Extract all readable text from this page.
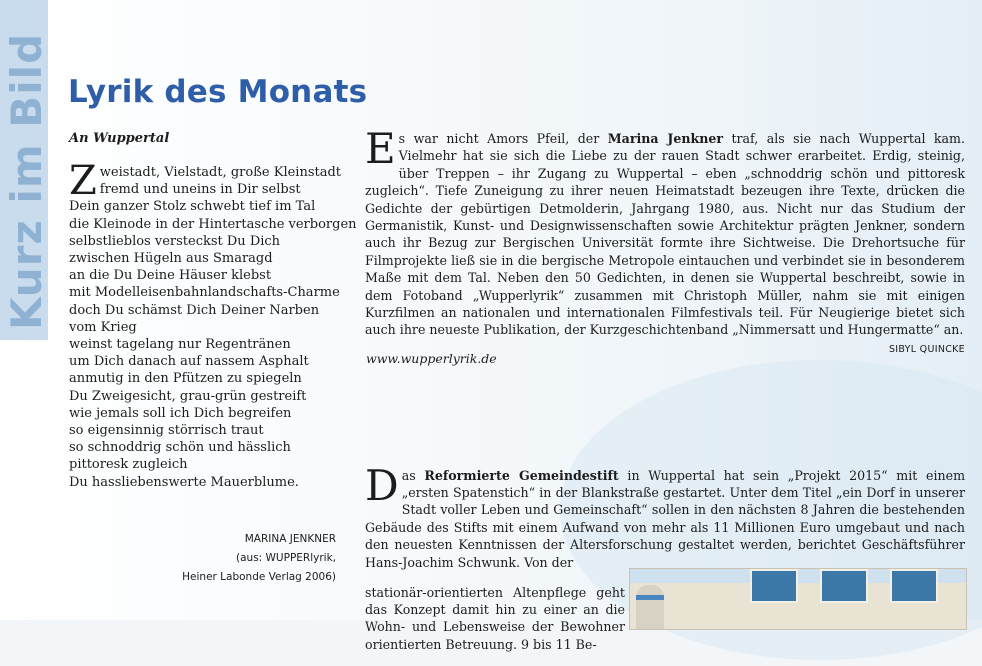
Kurz im Bild Lyrik des Monats
An Wuppertal
Zweistadt, Vielstadt, große Kleinstadt
fremd und uneins in Dir selbst
Dein ganzer Stolz schwebt tief im Tal
die Kleinode in der Hintertasche verborgen
selbstlieblos versteckst Du Dich
zwischen Hügeln aus Smaragd
an die Du Deine Häuser klebst
mit Modelleisenbahnlandschafts-Charme
doch Du schämst Dich Deiner Narben vom Krieg
weinst tagelang nur Regentränen
um Dich danach auf nassem Asphalt
anmutig in den Pfützen zu spiegeln
Du Zweigesicht, grau-grün gestreift
wie jemals soll ich Dich begreifen
so eigensinnig störrisch traut
so schnoddrig schön und hässlich pittoresk zugleich
Du hassliebenswerte Mauerblume.
MARINA JENKNER
(aus: WUPPERlyrik,
Heiner Labonde Verlag 2006)

Es war nicht Amors Pfeil, der Marina Jenkner traf, als sie nach Wuppertal kam. Vielmehr hat sie sich die Liebe zu der rauen Stadt schwer erarbeitet. Erdig, steinig, über Treppen – ihr Zugang zu Wuppertal – eben „schnoddrig schön und pittoresk zugleich“. Tiefe Zuneigung zu ihrer neuen Heimatstadt bezeugen ihre Texte, drücken die Gedichte der gebürtigen Detmolderin, Jahrgang 1980, aus. Nicht nur das Studium der Germanistik, Kunst- und Designwissenschaften sowie Architektur prägten Jenkner, sondern auch ihr Bezug zur Bergischen Universität formte ihre Sichtweise. Die Drehortsuche für Filmprojekte ließ sie in die bergische Metropole eintauchen und verbindet sie in besonderem Maße mit dem Tal. Neben den 50 Gedichten, in denen sie Wuppertal beschreibt, sowie in dem Fotoband „Wupperlyrik“ zusammen mit Christoph Müller, nahm sie mit einigen Kurzfilmen an nationalen und internationalen Filmfestivals teil. Für Neugierige bietet sich auch ihre neueste Publikation, der Kurzgeschichtenband „Nimmersatt und Hungermatte“ an.

SIBYL QUINCKE
www.wupperlyrik.de

Das Reformierte Gemeindestift in Wuppertal hat sein „Projekt 2015“ mit einem „ersten Spatenstich“ in der Blankstraße gestartet. Unter dem Titel „ein Dorf in unserer Stadt voller Leben und Gemeinschaft“ sollen in den nächsten 8 Jahren die bestehenden Gebäude des Stifts mit einem Aufwand von mehr als 11 Millionen Euro umgebaut und nach den neuesten Kenntnissen der Altersforschung gestaltet werden, berichtet Geschäftsführer Hans-Joachim Schwunk. Von der

stationär-orientierten Altenpflege geht das Konzept damit hin zu einer an die Wohn- und Lebensweise der Bewohner orientierten Betreuung. 9 bis 11 Be-
